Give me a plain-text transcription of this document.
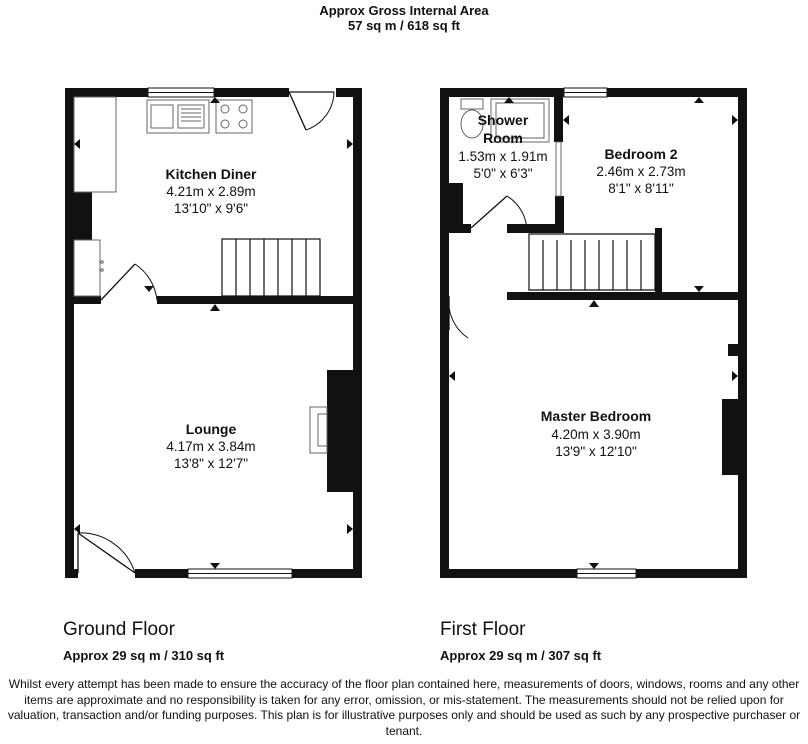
Approx Gross Internal Area
57 sq m / 618 sq ft
Kitchen Diner
4.21m x 2.89m
13'10" x 9'6"
Lounge
4.17m x 3.84m
13'8" x 12'7"
Shower
Room
1.53m x 1.91m
5'0" x 6'3"
Bedroom 2
2.46m x 2.73m
8'1" x 8'11"
Master Bedroom
4.20m x 3.90m
13'9" x 12'10"
Ground Floor
Approx 29 sq m / 310 sq ft
First Floor
Approx 29 sq m / 307 sq ft
Whilst every attempt has been made to ensure the accuracy of the floor plan contained here, measurements of doors, windows, rooms and any other items are approximate and no responsibility is taken for any error, omission, or mis-statement. The measurements should not be relied upon for valuation, transaction and/or funding purposes. This plan is for illustrative purposes only and should be used as such by any prospective purchaser or tenant.
